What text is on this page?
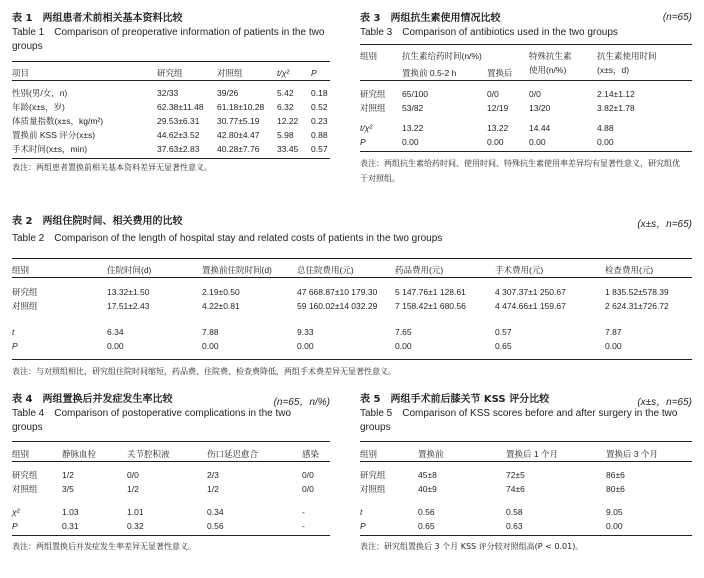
表 1　两组患者术前相关基本资料比较

Table 1　Comparison of preoperative information of patients in the two groups

项目	研究组	对照组	t/χ²	P
性别(男/女，n)	32/33	39/26	5.42	0.18
年龄(x±s，岁)	62.38±11.48	61.18±10.28	6.32	0.52
体质量指数(x±s，kg/m²)	29.53±6.31	30.77±5.19	12.22	0.23
置换前 KSS 评分(x±s)	44.62±3.52	42.80±4.47	5.98	0.88
手术时间(x±s，min)	37.63±2.83	40.28±7.76	33.45	0.57

表注：两组患者置换前相关基本资料差异无显著性意义。

(n=65)

表 3　两组抗生素使用情况比较

Table 3　Comparison of antibiotics used in the two groups

组别	抗生素给药时间(n/%)		特殊抗生素	抗生素使用时间
	置换前 0.5-2 h	置换后	使用(n/%)	(x±s，d)
研究组	65/100	0/0	0/0	2.14±1.12
对照组	53/82	12/19	13/20	3.82±1.78

t/χ²	13.22	13.22	14.44	4.88
P	0.00	0.00	0.00	0.00

表注：两组抗生素给药时间、使用时间、特殊抗生素使用率差异均有显著性意义，研究组优于对照组。

(x±s，n=65)

表 2　两组住院时间、相关费用的比较

Table 2　Comparison of the length of hospital stay and related costs of patients in the two groups

组别	住院时间(d)	置换前住院时间(d)	总住院费用(元)	药品费用(元)	手术费用(元)	检查费用(元)
研究组	13.32±1.50	2.19±0.50	47 668.87±10 179.30	5 147.76±1 128.61	4 307.37±1 250.67	1 835.52±578.39
对照组	17.51±2.43	4.22±0.81	59 160.02±14 032.29	7 158.42±1 680.56	4 474.66±1 159.67	2 624.31±726.72

t	6.34	7.88	9.33	7.65	0.57	7.87
P	0.00	0.00	0.00	0.00	0.65	0.00

表注：与对照组相比，研究组住院时间缩短，药品费、住院费、检查费降低，两组手术费差异无显著性意义。

(n=65，n/%)

表 4　两组置换后并发症发生率比较

Table 4　Comparison of postoperative complications in the two groups

组别	静脉血栓	关节腔积液	伤口延迟愈合	感染
研究组	1/2	0/0	2/3	0/0
对照组	3/5	1/2	1/2	0/0

χ²	1.03	1.01	0.34	-
P	0.31	0.32	0.56	-

表注：两组置换后并发症发生率差异无显著性意义。

(x±s，n=65)

表 5　两组手术前后膝关节 KSS 评分比较

Table 5　Comparison of KSS scores before and after surgery in the two groups

组别	置换前	置换后 1 个月	置换后 3 个月
研究组	45±8	72±5	86±6
对照组	40±9	74±6	80±6

t	0.56	0.58	9.05
P	0.65	0.63	0.00

表注：研究组置换后 3 个月 KSS 评分较对照组高(P < 0.01)。
